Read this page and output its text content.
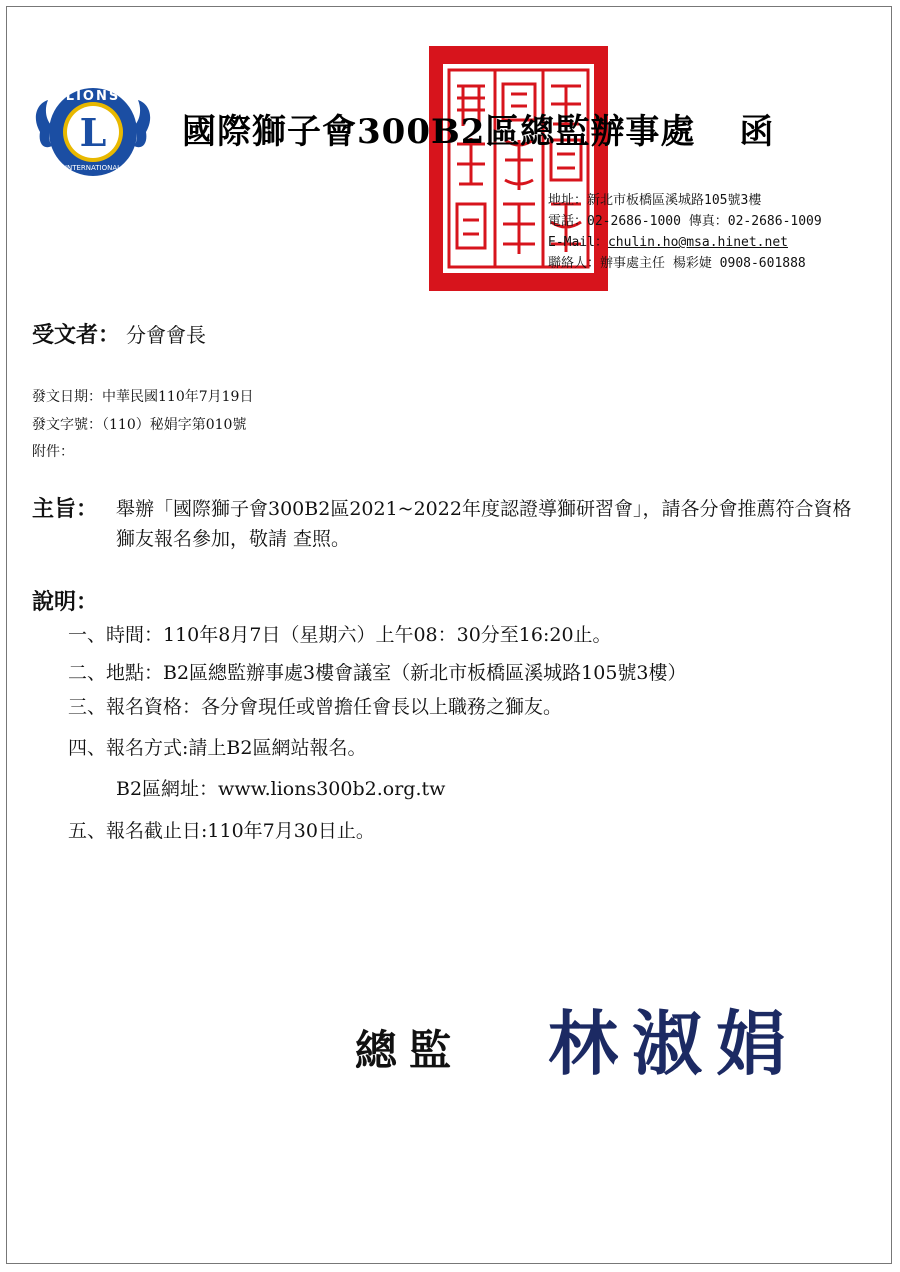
L
LIONS
INTERNATIONAL
國際獅子會300B2區總監辦事處 函
地址：新北市板橋區溪城路105號3樓
電話：02-2686-1000 傳真：02-2686-1009
E-Mail：chulin.ho@msa.hinet.net
聯絡人：辦事處主任 楊彩婕 0908-601888
受文者： 分會會長
發文日期：中華民國110年7月19日
發文字號：（110）秘娟字第010號
附件：
主旨： 舉辦「國際獅子會300B2區2021~2022年度認證導獅研習會」，請各分會推薦符合資格獅友報名參加，敬請 查照。
說明：
一、時間：110年8月7日（星期六）上午08：30分至16:20止。
二、地點：B2區總監辦事處3樓會議室（新北市板橋區溪城路105號3樓）
三、報名資格：各分會現任或曾擔任會長以上職務之獅友。
四、報名方式:請上B2區網站報名。
B2區網址：www.lions300b2.org.tw
五、報名截止日:110年7月30日止。
總監 林淑娟
